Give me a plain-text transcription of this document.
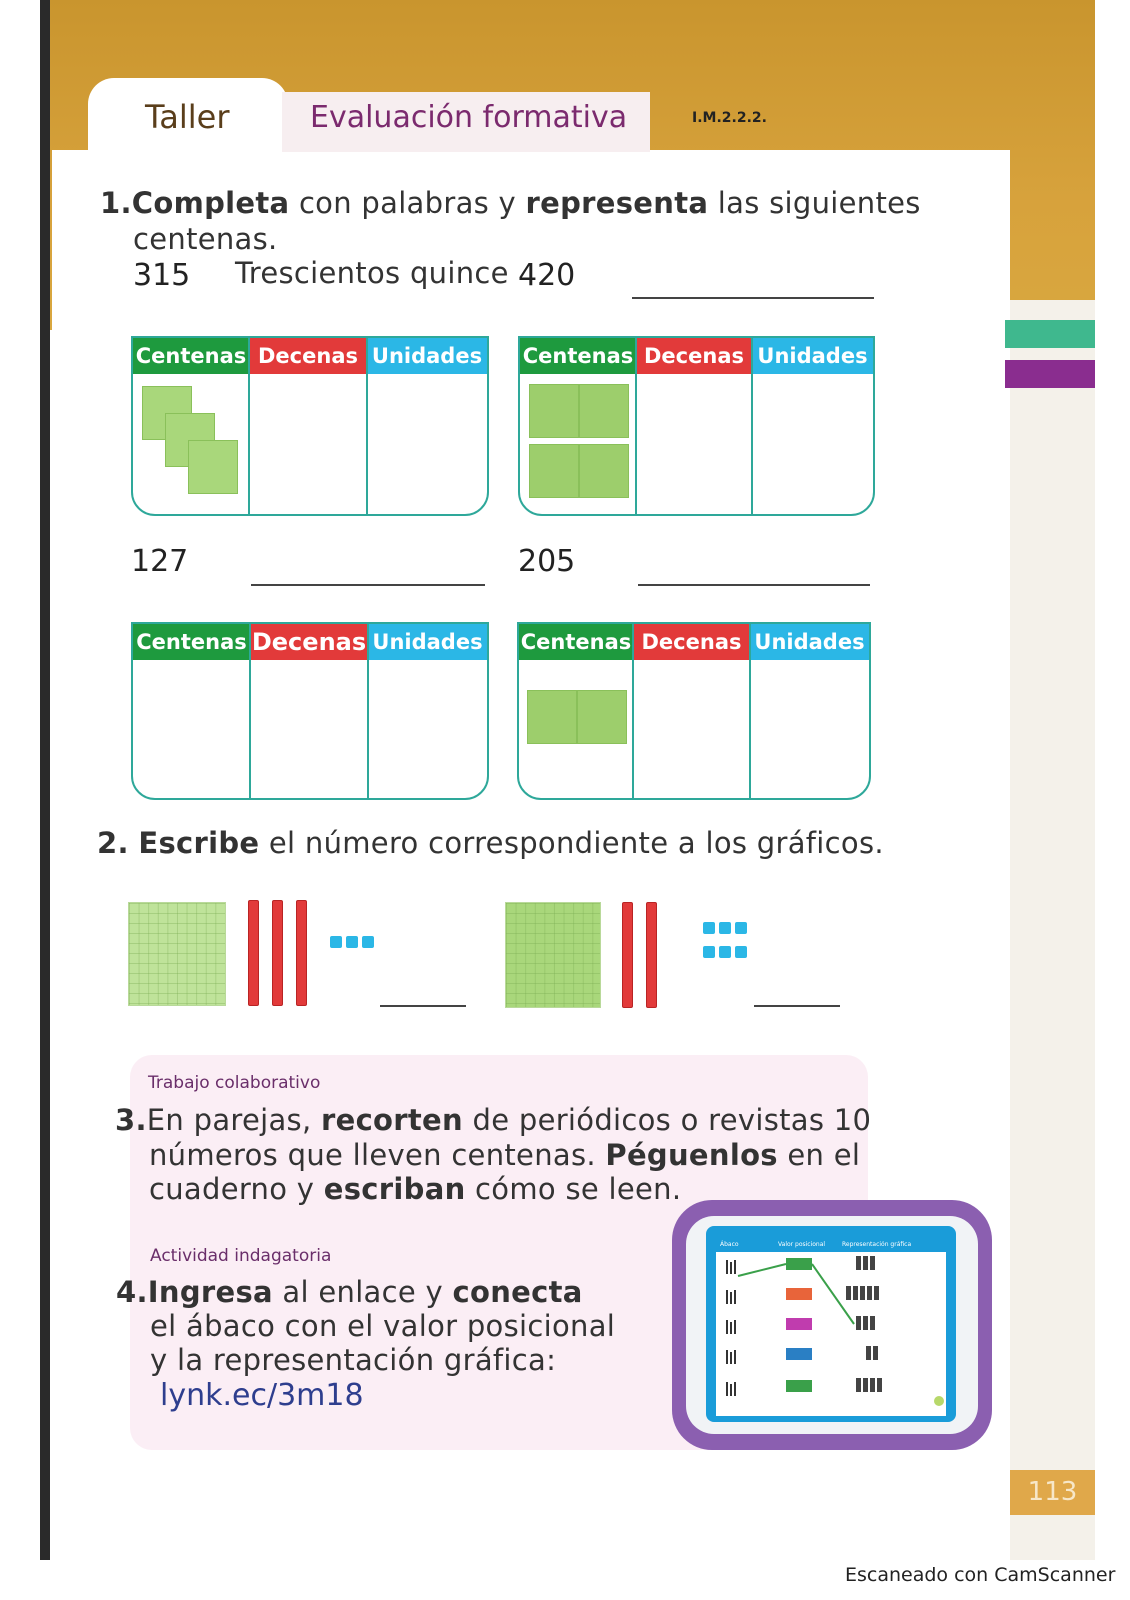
Taller	Evaluación formativa	I.M.2.2.2.
1.Completa con palabras y representa las siguientes
centenas.
315 Trescientos quince 420
Centenas Decenas Unidades Centenas Decenas Unidades
127	205
Centenas Decenas Unidades Centenas Decenas Unidades
2. Escribe el número correspondiente a los gráficos.
Trabajo colaborativo
3.En parejas, recorten de periódicos o revistas 10
números que lleven centenas. Péguenlos en el
cuaderno y escriban cómo se leen.
Actividad indagatoria
4.Ingresa al enlace y conecta
el ábaco con el valor posicional
y la representación gráfica:
lynk.ec/3m18
Ábaco	Valor posicional	Representación gráfica
113
Escaneado con CamScanner
